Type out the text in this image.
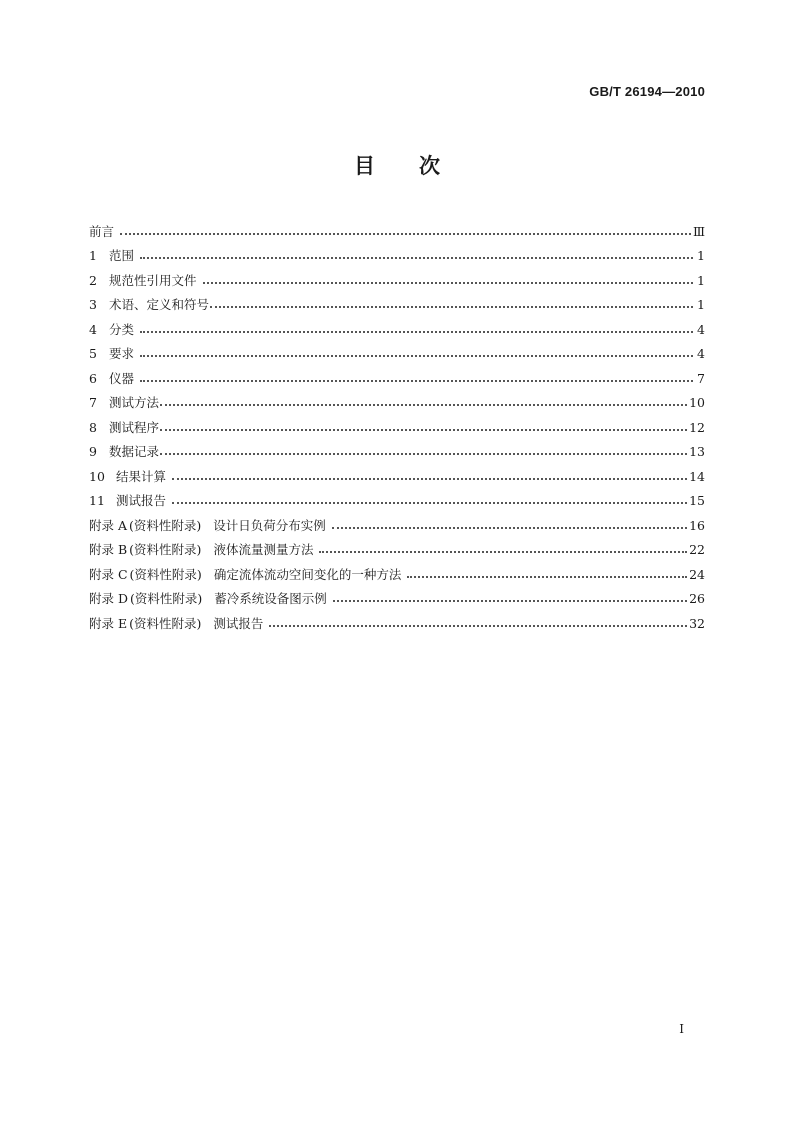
GB/T 26194—2010
目 次
前言	Ⅲ
1 范围	1
2 规范性引用文件	1
3 术语、定义和符号	1
4 分类	4
5 要求	4
6 仪器	7
7 测试方法	10
8 测试程序	12
9 数据记录	13
10 结果计算	14
11 测试报告	15
附录 A (资料性附录) 设计日负荷分布实例	16
附录 B (资料性附录) 液体流量测量方法	22
附录 C (资料性附录) 确定流体流动空间变化的一种方法	24
附录 D (资料性附录) 蓄冷系统设备图示例	26
附录 E (资料性附录) 测试报告	32
I
